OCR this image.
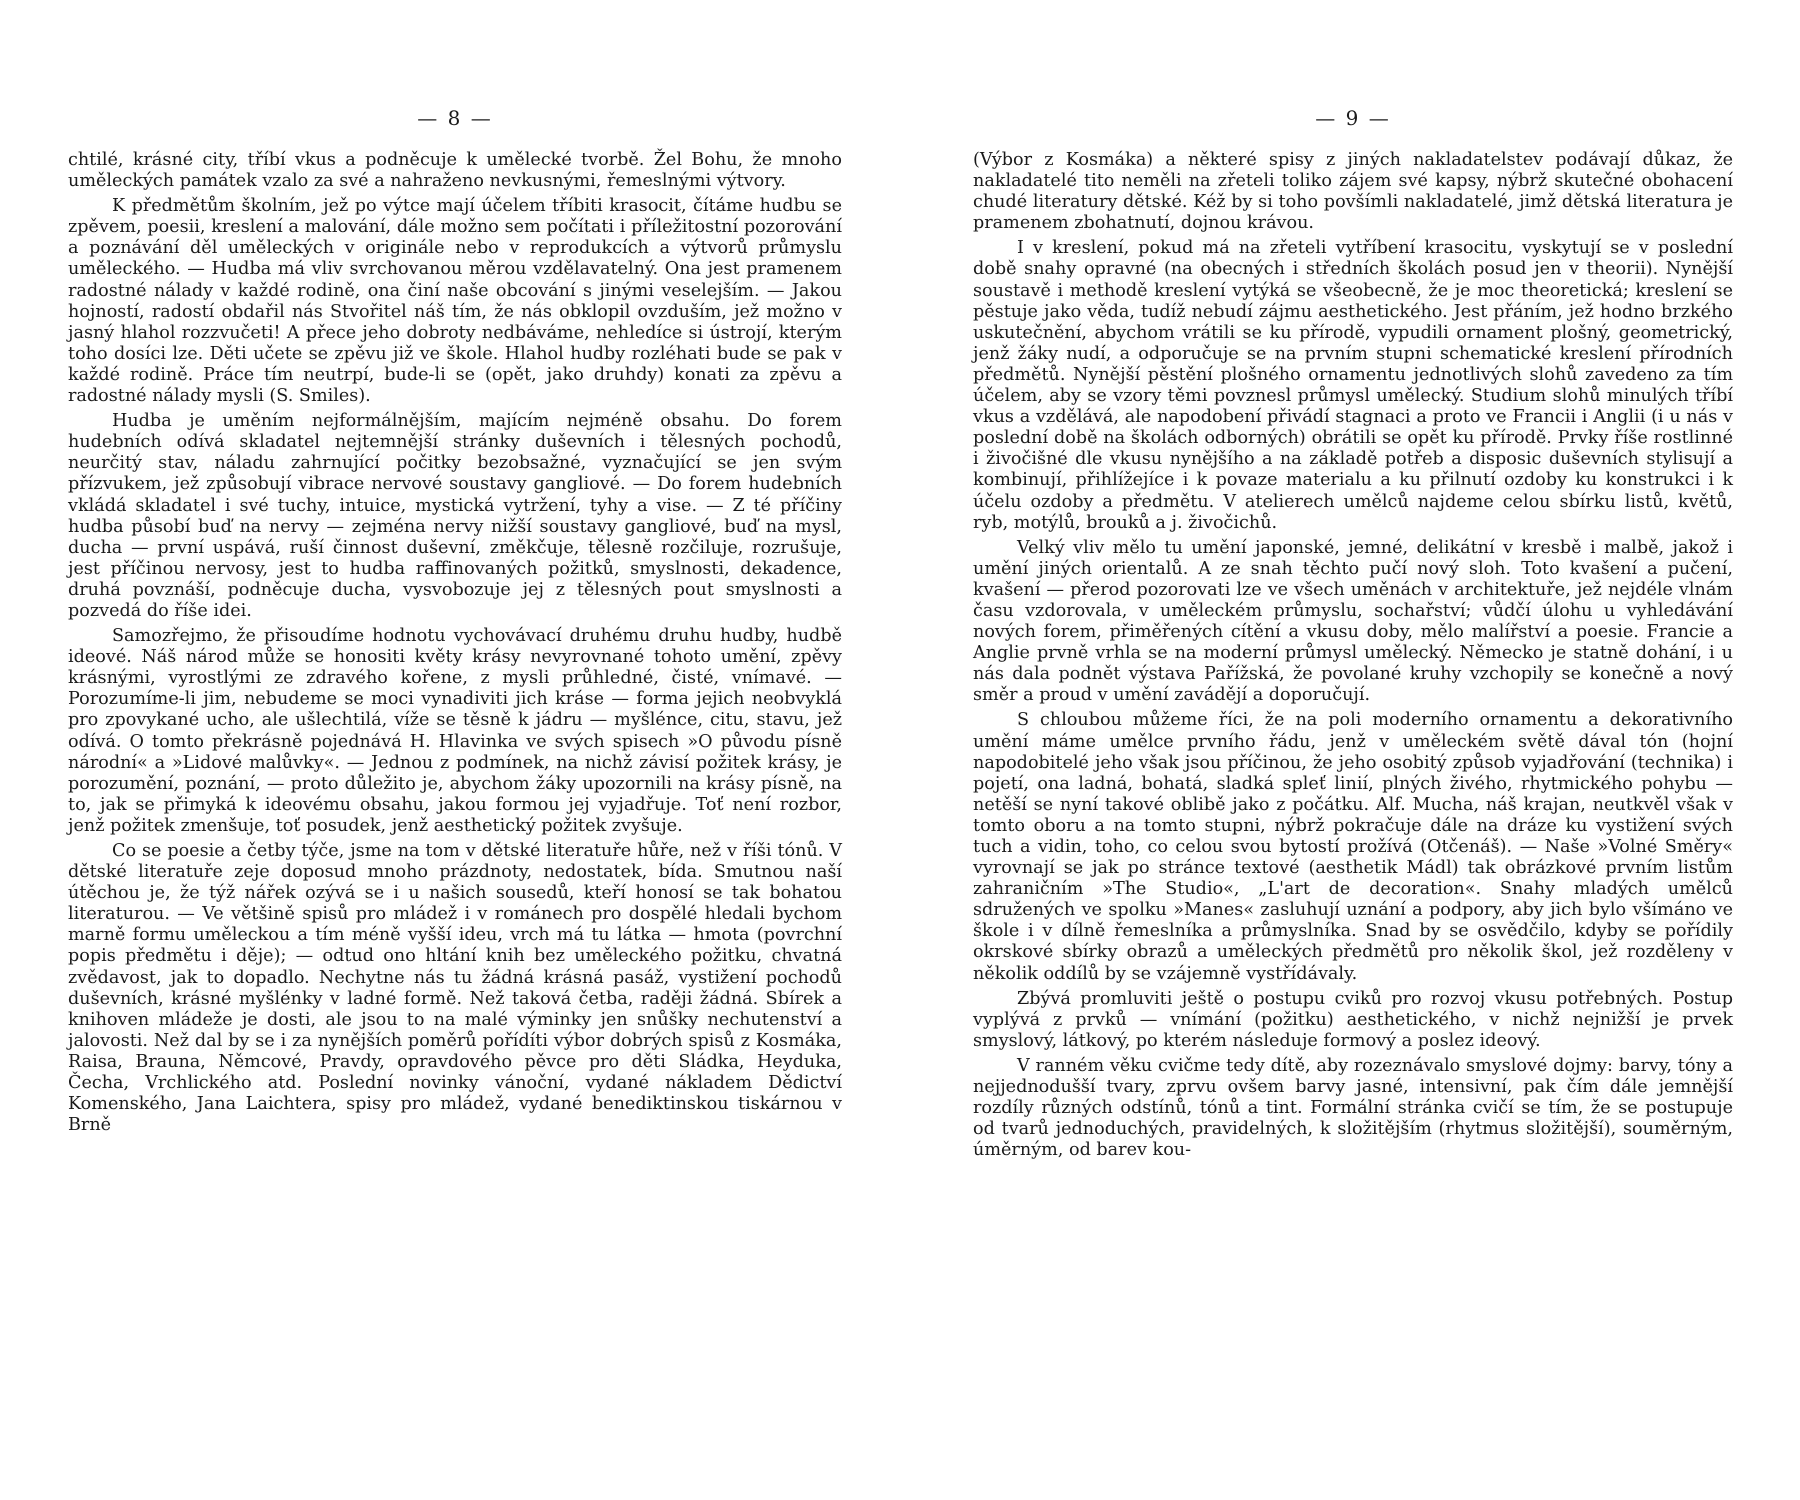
— 8 —

chtilé, krásné city, tříbí vkus a podněcuje k umělecké tvorbě. Žel Bohu, že mnoho uměleckých památek vzalo za své a nahraženo nevkusnými, řemeslnými výtvory.

K předmětům školním, jež po výtce mají účelem tříbiti krasocit, čítáme hudbu se zpěvem, poesii, kreslení a malování, dále možno sem počítati i příležitostní pozorování a poznávání děl uměleckých v originále nebo v reprodukcích a výtvorů průmyslu uměleckého. — Hudba má vliv svrchovanou měrou vzdělavatelný. Ona jest pramenem radostné nálady v každé rodině, ona činí naše obcování s jinými veselejším. — Jakou hojností, radostí obdařil nás Stvořitel náš tím, že nás obklopil ovzduším, jež možno v jasný hlahol rozzvučeti! A přece jeho dobroty nedbáváme, nehledíce si ústrojí, kterým toho dosíci lze. Děti učete se zpěvu již ve škole. Hlahol hudby rozléhati bude se pak v každé rodině. Práce tím neutrpí, bude-li se (opět, jako druhdy) konati za zpěvu a radostné nálady mysli (S. Smiles).

Hudba je uměním nejformálnějším, majícím nejméně obsahu. Do forem hudebních odívá skladatel nejtemnější stránky duševních i tělesných pochodů, neurčitý stav, náladu zahrnující počitky bezobsažné, vyznačující se jen svým přízvukem, jež způsobují vibrace nervové soustavy gangliové. — Do forem hudebních vkládá skladatel i své tuchy, intuice, mystická vytržení, tyhy a vise. — Z té příčiny hudba působí buď na nervy — zejména nervy nižší soustavy gangliové, buď na mysl, ducha — první uspává, ruší činnost duševní, změkčuje, tělesně rozčiluje, rozrušuje, jest příčinou nervosy, jest to hudba raffinovaných požitků, smyslnosti, dekadence, druhá povznáší, podněcuje ducha, vysvobozuje jej z tělesných pout smyslnosti a pozvedá do říše idei.

Samozřejmo, že přisoudíme hodnotu vychovávací druhému druhu hudby, hudbě ideové. Náš národ může se honositi květy krásy nevyrovnané tohoto umění, zpěvy krásnými, vyrostlými ze zdravého kořene, z mysli průhledné, čisté, vnímavé. — Porozumíme-li jim, nebudeme se moci vynadiviti jich kráse — forma jejich neobvyklá pro zpovykané ucho, ale ušlechtilá, víže se těsně k jádru — myšlénce, citu, stavu, jež odívá. O tomto překrásně pojednává H. Hlavinka ve svých spisech »O původu písně národní« a »Lidové malůvky«. — Jednou z podmínek, na nichž závisí požitek krásy, je porozumění, poznání, — proto důležito je, abychom žáky upozornili na krásy písně, na to, jak se přimyká k ideovému obsahu, jakou formou jej vyjadřuje. Toť není rozbor, jenž požitek zmenšuje, toť posudek, jenž aesthetický požitek zvyšuje.

Co se poesie a četby týče, jsme na tom v dětské literatuře hůře, než v říši tónů. V dětské literatuře zeje doposud mnoho prázdnoty, nedostatek, bída. Smutnou naší útěchou je, že týž nářek ozývá se i u našich sousedů, kteří honosí se tak bohatou literaturou. — Ve většině spisů pro mládež i v románech pro dospělé hledali bychom marně formu uměleckou a tím méně vyšší ideu, vrch má tu látka — hmota (povrchní popis předmětu i děje); — odtud ono hltání knih bez uměleckého požitku, chvatná zvědavost, jak to dopadlo. Nechytne nás tu žádná krásná pasáž, vystižení pochodů duševních, krásné myšlénky v ladné formě. Než taková četba, raději žádná. Sbírek a knihoven mládeže je dosti, ale jsou to na malé výminky jen snůšky nechutenství a jalovosti. Než dal by se i za nynějších poměrů pořídíti výbor dobrých spisů z Kosmáka, Raisa, Brauna, Němcové, Pravdy, opravdového pěvce pro děti Sládka, Heyduka, Čecha, Vrchlického atd. Poslední novinky vánoční, vydané nákladem Dědictví Komenského, Jana Laichtera, spisy pro mládež, vydané benediktinskou tiskárnou v Brně

— 9 —

(Výbor z Kosmáka) a některé spisy z jiných nakladatelstev podávají důkaz, že nakladatelé tito neměli na zřeteli toliko zájem své kapsy, nýbrž skutečné obohacení chudé literatury dětské. Kéž by si toho povšímli nakladatelé, jimž dětská literatura je pramenem zbohatnutí, dojnou krávou.

I v kreslení, pokud má na zřeteli vytříbení krasocitu, vyskytují se v poslední době snahy opravné (na obecných i středních školách posud jen v theorii). Nynější soustavě i methodě kreslení vytýká se všeobecně, že je moc theoretická; kreslení se pěstuje jako věda, tudíž nebudí zájmu aesthetického. Jest přáním, jež hodno brzkého uskutečnění, abychom vrátili se ku přírodě, vypudili ornament plošný, geometrický, jenž žáky nudí, a odporučuje se na prvním stupni schematické kreslení přírodních předmětů. Nynější pěstění plošného ornamentu jednotlivých slohů zavedeno za tím účelem, aby se vzory těmi povznesl průmysl umělecký. Studium slohů minulých tříbí vkus a vzdělává, ale napodobení přivádí stagnaci a proto ve Francii i Anglii (i u nás v poslední době na školách odborných) obrátili se opět ku přírodě. Prvky říše rostlinné i živočišné dle vkusu nynějšího a na základě potřeb a disposic duševních stylisují a kombinují, přihlížejíce i k povaze materialu a ku přilnutí ozdoby ku konstrukci i k účelu ozdoby a předmětu. V atelierech umělců najdeme celou sbírku listů, květů, ryb, motýlů, brouků a j. živočichů.

Velký vliv mělo tu umění japonské, jemné, delikátní v kresbě i malbě, jakož i umění jiných orientalů. A ze snah těchto pučí nový sloh. Toto kvašení a pučení, kvašení — přerod pozorovati lze ve všech uměnách v architektuře, jež nejdéle vlnám času vzdorovala, v uměleckém průmyslu, sochařství; vůdčí úlohu u vyhledávání nových forem, přiměřených cítění a vkusu doby, mělo malířství a poesie. Francie a Anglie prvně vrhla se na moderní průmysl umělecký. Německo je statně dohání, i u nás dala podnět výstava Pařížská, že povolané kruhy vzchopily se konečně a nový směr a proud v umění zavádějí a doporučují.

S chloubou můžeme říci, že na poli moderního ornamentu a dekorativního umění máme umělce prvního řádu, jenž v uměleckém světě dával tón (hojní napodobitelé jeho však jsou příčinou, že jeho osobitý způsob vyjadřování (technika) i pojetí, ona ladná, bohatá, sladká spleť linií, plných živého, rhytmického pohybu — netěší se nyní takové oblibě jako z počátku. Alf. Mucha, náš krajan, neutkvěl však v tomto oboru a na tomto stupni, nýbrž pokračuje dále na dráze ku vystižení svých tuch a vidin, toho, co celou svou bytostí prožívá (Otčenáš). — Naše »Volné Směry« vyrovnají se jak po stránce textové (aesthetik Mádl) tak obrázkové prvním listům zahraničním »The Studio«, „L'art de decoration«. Snahy mladých umělců sdružených ve spolku »Manes« zasluhují uznání a podpory, aby jich bylo všímáno ve škole i v dílně řemeslníka a průmyslníka. Snad by se osvědčilo, kdyby se pořídily okrskové sbírky obrazů a uměleckých předmětů pro několik škol, jež rozděleny v několik oddílů by se vzájemně vystřídávaly.

Zbývá promluviti ještě o postupu cviků pro rozvoj vkusu potřebných. Postup vyplývá z prvků — vnímání (požitku) aesthetického, v nichž nejnižší je prvek smyslový, látkový, po kterém následuje formový a poslez ideový.

V ranném věku cvičme tedy dítě, aby rozeznávalo smyslové dojmy: barvy, tóny a nejjednodušší tvary, zprvu ovšem barvy jasné, intensivní, pak čím dále jemnější rozdíly různých odstínů, tónů a tint. Formální stránka cvičí se tím, že se postupuje od tvarů jednoduchých, pravidelných, k složitějším (rhytmus složitější), souměrným, úměrným, od barev kou-
